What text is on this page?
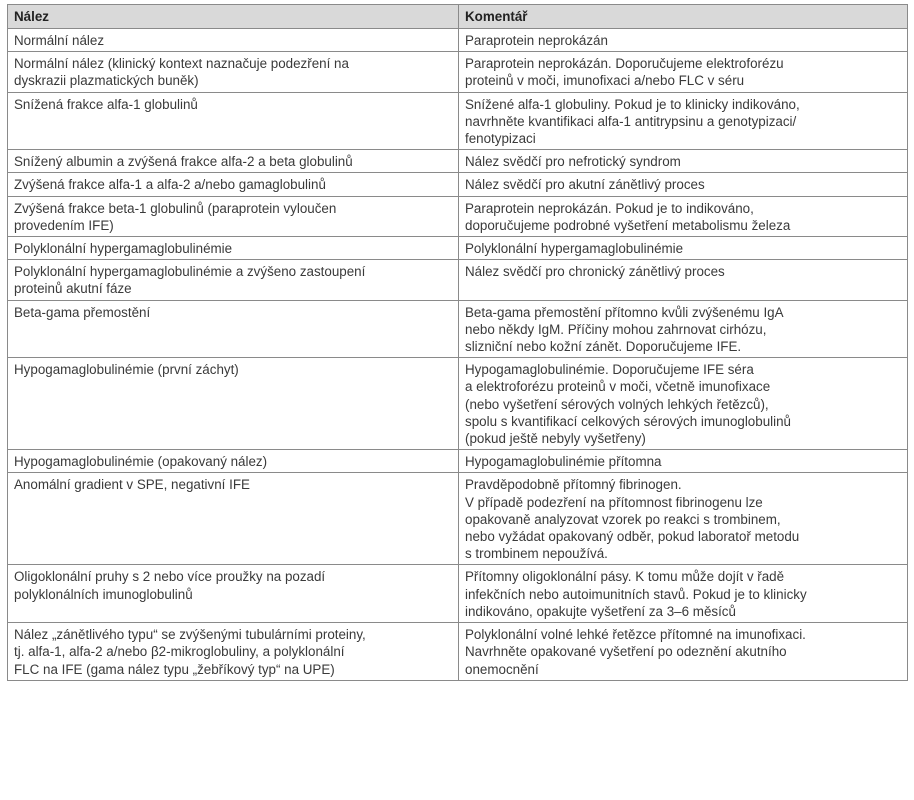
Nález	Komentář

Normální nález	Paraprotein neprokázán

Normální nález (klinický kontext naznačuje podezření na
dyskrazii plazmatických buněk)	Paraprotein neprokázán. Doporučujeme elektroforézu
proteinů v moči, imunofixaci a/nebo FLC v séru

Snížená frakce alfa-1 globulinů	Snížené alfa-1 globuliny. Pokud je to klinicky indikováno,
navrhněte kvantifikaci alfa-1 antitrypsinu a genotypizaci/
fenotypizaci

Snížený albumin a zvýšená frakce alfa-2 a beta globulinů	Nález svědčí pro nefrotický syndrom

Zvýšená frakce alfa-1 a alfa-2 a/nebo gamaglobulinů	Nález svědčí pro akutní zánětlivý proces

Zvýšená frakce beta-1 globulinů (paraprotein vyloučen
provedením IFE)	Paraprotein neprokázán. Pokud je to indikováno,
doporučujeme podrobné vyšetření metabolismu železa

Polyklonální hypergamaglobulinémie	Polyklonální hypergamaglobulinémie

Polyklonální hypergamaglobulinémie a zvýšeno zastoupení
proteinů akutní fáze	Nález svědčí pro chronický zánětlivý proces

Beta-gama přemostění	Beta-gama přemostění přítomno kvůli zvýšenému IgA
nebo někdy IgM. Příčiny mohou zahrnovat cirhózu,
slizniční nebo kožní zánět. Doporučujeme IFE.

Hypogamaglobulinémie (první záchyt)	Hypogamaglobulinémie. Doporučujeme IFE séra
a elektroforézu proteinů v moči, včetně imunofixace
(nebo vyšetření sérových volných lehkých řetězců),
spolu s kvantifikací celkových sérových imunoglobulinů
(pokud ještě nebyly vyšetřeny)

Hypogamaglobulinémie (opakovaný nález)	Hypogamaglobulinémie přítomna

Anomální gradient v SPE, negativní IFE	Pravděpodobně přítomný fibrinogen.
V případě podezření na přítomnost fibrinogenu lze
opakovaně analyzovat vzorek po reakci s trombinem,
nebo vyžádat opakovaný odběr, pokud laboratoř metodu
s trombinem nepoužívá.

Oligoklonální pruhy s 2 nebo více proužky na pozadí
polyklonálních imunoglobulinů	Přítomny oligoklonální pásy. K tomu může dojít v řadě
infekčních nebo autoimunitních stavů. Pokud je to klinicky
indikováno, opakujte vyšetření za 3–6 měsíců

Nález „zánětlivého typu“ se zvýšenými tubulárními proteiny,
tj. alfa-1, alfa-2 a/nebo β2-mikroglobuliny, a polyklonální
FLC na IFE (gama nález typu „žebříkový typ“ na UPE)	Polyklonální volné lehké řetězce přítomné na imunofixaci.
Navrhněte opakované vyšetření po odeznění akutního
onemocnění
